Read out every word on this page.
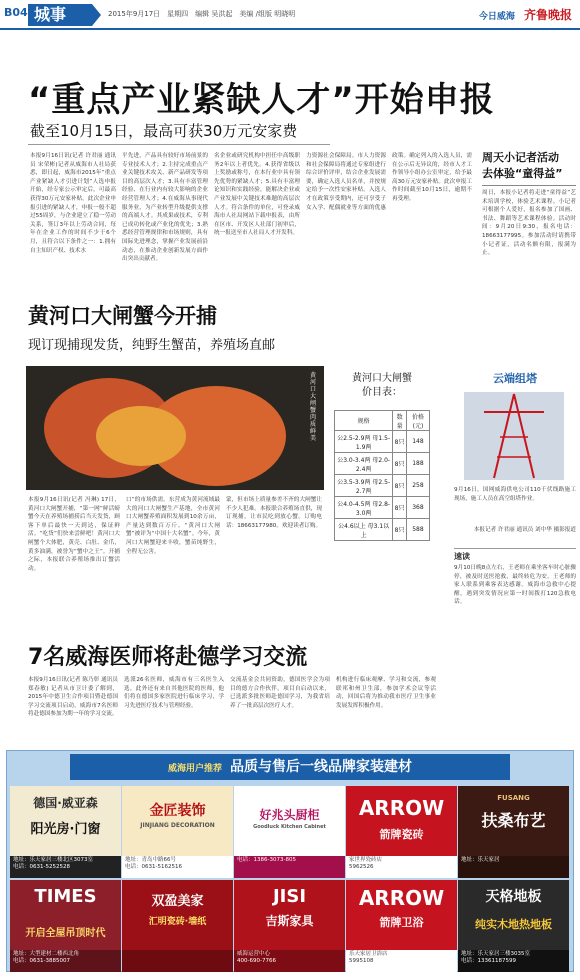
B04 城事	2015年9月17日　星期四　编辑 吴洪起　美编 /组版 明晓明	今日威海 齐鲁晚报
“重点产业紧缺人才”开始申报
截至10月15日，最高可获30万元安家费
本报9月16日讯(记者 许君丽 通讯员 宋荣彬)记者从威海市人社局获悉，即日起，威海市2015年“重点产业紧缺人才引进计划”人选申报开始，经专家公示审定后，可最高获得30万元安家补贴。此次企业申报引进的紧缺人才，申报一般不超过55周岁，与企业建立了稳一劳动关系，签订3年以上劳动合同，每年在企业工作的时间不少于6个月，且符合以下条件之一：1.拥有自主知识产权、技术水
平先进，产品具有较好市场前景的专业技术人才；2.主持完成重点产业关键技术攻关、新产品研发等项目的高层次人才；3.具有丰富管理经验、在行业内有较大影响的企业经营管理人才；4.在威海从事现代服务业，为产业转型升级提供支撑的高端人才。其成果或技术，专利已成功转化或产业化的优先；3.熟悉经营管理规律和市场规则，具有国际先进理念，掌握产业发展前沿动态，在推动企业创新发展方面作出突出贡献者。
名企业或研究机构中担任中高级职务2年以上者优先。4.获得省级以上奖励或称号，在本行业中具有领先优势的紧缺人才；5.具有丰富理论知识和实践经验，能解决企业或产业发展中关键技术难题的高层次人才。符合条件的单位，可登录威海市人社局网站下载申报表，由所在区市、开发区人社部门初审后，统一报送至市人社局人才开发科。
力资源社会保障局。市人力资源和社会保障局将通过专家组进行综合评价评审，结合企业发展需要，确定入选人员名单，并按规定给予一次性安家补贴。入选人才在政策享受期内，还可享受子女入学、配偶就业等方面的优惠政策。确定列入的入选人员，需在公示后无异议的，经市人才工作领导小组办公室审定，给予最高30万元安家补贴。此次申报工作时间截至10月15日，逾期不再受理。
周天小记者活动
去体验“童得益”
周日，本报小记者将走进“童得益”艺术培训学校，体验艺术课程。小记者可根据个人爱好，报名参加了国画、书法、舞蹈等艺术课程体验。活动时间：9月20日9:30，报名电话：18663177995。参加活动时请携带小记者证，活动名额有限，报满为止。
黄河口大闸蟹今开捕
现订现捕现发货，纯野生蟹苗，养殖场直邮
黄河口大闸蟹肉质鲜美
本报9月16日讯(记者 冯琳) 17日，黄河口大闸蟹开捕，“第一网”鲜活螃蟹今天在养殖场捕捞后当天发货，顾客下单后最快一天到达，保证鲜活。“吃货”们快来尝鲜吧！黄河口大闸蟹个大体肥，黄壳、白肚、金爪，黄多油满，被誉为“蟹中之王”。开捕之际，本报联合养殖场推出订蟹活动。
口”的市场供需。东营成为黄河流域最大的河口大闸蟹生产基地，全市黄河口大闸蟹养殖面积发展到10余万亩，产量达到数百万斤。“黄河口大闸蟹”被评为“中国十大名蟹”。今年，黄河口大闸蟹迎来丰收，蟹苗纯野生，全程无公害。
蒙，但市场上质量参差不齐的大闸蟹让不少人犯难。本报联合养殖场直供，现订现捕，让市民吃到放心蟹。订购电话：18663177980。欢迎读者订购。
黄河口大闸蟹
价目表：
规格	数量	价格(元)
公2.5-2.9两 母1.5-1.9两	8只	148
公3.0-3.4两 母2.0-2.4两	8只	188
公3.5-3.9两 母2.5-2.7两	8只	258
公4.0-4.5两 母2.8-3.0两	8只	368
公4.6以上 母3.1以上	8只	588
云端组塔
9月16日，国网威海供电公司110千伏线路施工现场，施工人员在高空组塔作业。
本报记者 许君丽 通讯员 刘中华 摄影报道
速读
9月10日晚8点左右，王老师在乘坐客车时心脏骤停，被及时送医抢救，最终转危为安。王老师的家人联系到乘客表达感谢。威海市急救中心提醒，遇到突发情况应第一时间拨打120急救电话。
7名威海医师将赴德学习交流
本报9月16日讯(记者 陈乃彰 通讯员 郑春敏) 记者从市卫计委了解到，2015年中德卫生合作项目暨赴德国学习交流项目启动，威海市7名医师将赴德国参加为期一年的学习交流。
选派26名医师，威海市有三名医生入选。此外还有来自其他医院的医师，他们将在德国多家医院进行临床学习，学习先进医疗技术与管理经验。
交流基金会共同资助，德国医学会为项目的德方合作伙伴。项目自启动以来，已选派多批医师赴德国学习，为我省培养了一批高层次医疗人才。
机构进行临床观摩、学习和交流，参观联邦和州卫生部，参加学术会议等活动，回国后将为推动我市医疗卫生事业发展发挥积极作用。
威海用户推荐 品质与售后一线品牌家装建材
德国·威亚森
阳光房·门窗
地址：乐天家居三楼北区3073室
电话：0631-5252528
金匠装饰
JINJIANG DECORATION
地址：青岛中路66号
电话：0631-5162516
好兆头厨柜
Goodluck Kitchen Cabinet
电话：1386-3073-805
ARROW
箭牌瓷砖
家世界瓷砖店
5962526
FUSANG
扶桑布艺
地址：乐天家居
TIMES
开启全屋吊顶时代
地址：大型建材二楼西北角
电话：0631-3885007
双盈美家
汇明瓷砖·墙纸
JISI
吉斯家具
威海运营中心
400-690-7766
ARROW
箭牌卫浴
乐天家居卫浴店
5995108
天格地板
纯实木地热地板
地址：乐天家居三楼3035室
电话：13361187599
